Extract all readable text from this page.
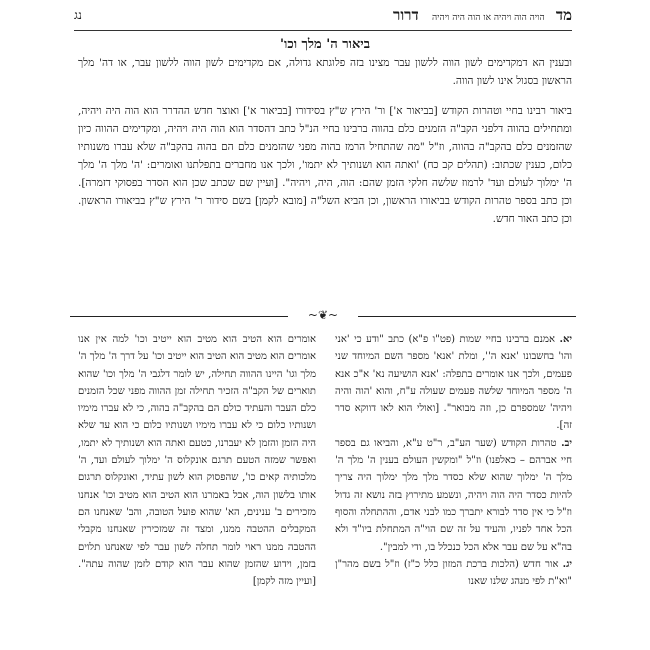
מד הויה הוה ויהיה או הוה היה ויהיה דרור
נג
ביאור ה' מלך וכו'

ובענין הא דמקדימים לשון הווה ללשון עבר מצינו בזה פלוגתא גדולה, אם מקדימים לשון הווה ללשון עבר, או דה' מלך הראשון בסגול אינו לשון הווה.

ביאור רבינו בחיי וטהרות הקודש [בביאור א'] ור' הירץ ש"ץ בסידורו [בביאור א'] ואוצר חדש ההדרר הוא הוה היה ויהיה, ומתחילים בהווה דלפני הקב"ה הזמנים כלם בהווה ברבינו בחיי הנ"ל כתב דהסדר הוא הוה היה ויהיה, ומקדימים ההווה כיון שהזמנים כלם בהקב"ה בהווה, וז"ל "מה שהתחיל הרמז בהוה מפני שהזמנים כלם הם בהוה בהקב"ה שלא עברו משנותיו כלום, כענין שכתוב: (תהלים קב כח) 'ואתה הוא ושנותיך לא יתמו', ולכך אנו מחברים בתפלתנו ואומרים: 'ה' מלך ה' מלך ה' ימלוך לעולם ועד' לרמוז שלשה חלקי הזמן שהם: הוה, היה, ויהיה". [ועיין שם שכתב שכן הוא הסדר בפסוקי דזמרה]. וכן כתב בספר טהרות הקודש בביאורו הראשון, וכן הביא השל"ה [מובא לקמן] בשם סידור ר' הירץ ש"ץ בביאורו הראשון. וכן כתב האור חדש.

~❦~

יא. אמנם ברבינו בחיי שמות (פט"ו פ"א) כתב "ודע כי 'אני והו' בחשבונו 'אנא ה'', ומלת 'אנא' מספר השם המיוחד שני פעמים, ולכך אנו אומרים בתפלה: 'אנא הושיעה נא' א"כ אנא ה' מספר המיוחד שלשה פעמים שעולה ע"ח, והוא 'הוה והיה ויהיה' שמספרם כן, וזה מבואר". [ואולי הוא לאו דווקא סדר זה].

יב. טהרות הקודש (שער הע"ב, ר"ט ע"א, והביאו גם בספר חיי אברהם – כאלפנו) וז"ל "ומקשין העולם בענין ה' מלך ה' מלך ה' ימלוך שהוא שלא כסדר מלך מלך ימלוך היה צריך להיות כסדר היה הוה ויהיה, ונשמע מתירוץ בזה נושא זה גדול וז"ל כי אין סדר לבורא יתברך כמו לבני אדם, וההתחלה והסוף הכל אחד לפניו, והעיד על זה שם הוי"ה המתחלת ביו"ד ולא בה"א על שם עבר אלא הכל כנכלל בו, ודי למבין".

יג. אור חדש (הלכות ברכת המזון כלל כ"ז) וז"ל בשם מהר"ן "וא"ת לפי מנהג שלנו שאנו

אומרים הוא הטיב הוא מטיב הוא ייטיב וכו' למה אין אנו אומרים הוא מטיב הוא הטיב הוא ייטיב וכו' על דרך ה' מלך ה' מלך וגו' היינו ההווה תחילה, יש לומר דלגבי ה' מלך וכו' שהוא תוארים של הקב"ה הזכיר תחילה זמן ההווה מפני שכל הזמנים כלם העבר והעתיד כולם הם בהקב"ה בהוה, כי לא עברו מימיו ושנותיו כלום כי לא עברו מימיו ושנותיו כלום כי הוא עד שלא היה הזמן והזמן לא יעברנו, כטעם ואתה הוא ושנותיך לא יתמו, ואפשר שמזה הטעם תרגם אונקלוס ה' ימלוך לעולם ועד, ה' מלכותיה קאים כו', שהפסוק הוא לשון עתיד, ואונקלוס תרגום אותו בלשון הוה, אבל באמרנו הוא הטיב הוא מטיב וכו' אנחנו מזכירים ב' ענינים, הא' שהוא פועל הטובה, והב' שאנחנו הם המקבלים ההטבה ממנו, ומצד זה שמזכירין שאנחנו מקבלי ההטבה ממנו ראוי לומר תחלה לשון עבר לפי שאנחנו תלוים בזמן, וידוע שהזמן שהוא עבר הוא קודם לזמן שהוה עתה". [ועיין מזה לקמן]
